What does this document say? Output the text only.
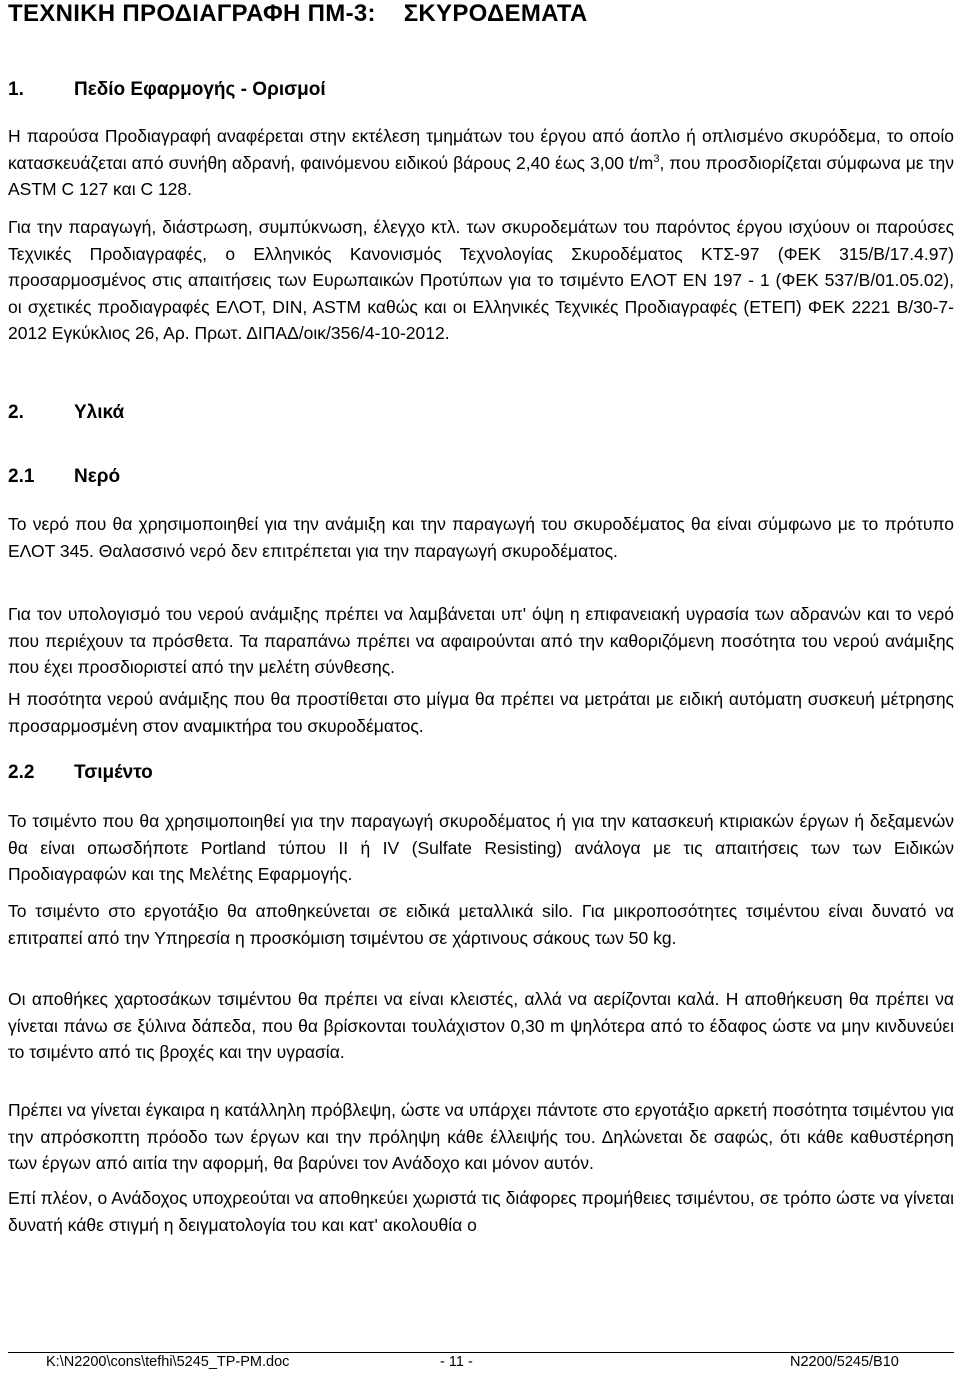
ΤΕΧΝΙΚΗ ΠΡΟΔΙΑΓΡΑΦΗ ΠΜ-3:    ΣΚΥΡΟΔΕΜΑΤΑ
1.	Πεδίο Εφαρμογής - Ορισμοί

Η παρούσα Προδιαγραφή αναφέρεται στην εκτέλεση τμημάτων του έργου από άοπλο ή οπλισμένο σκυρόδεμα, το οποίο κατασκευάζεται από συνήθη αδρανή, φαινόμενου ειδικού βάρους 2,40 έως 3,00 $t/m^3$, που προσδιορίζεται σύμφωνα με την ASTM C 127 και C 128.

Για την παραγωγή, διάστρωση, συμπύκνωση, έλεγχο κτλ. των σκυροδεμάτων του παρόντος έργου ισχύουν οι παρούσες Τεχνικές Προδιαγραφές, ο Ελληνικός Κανονισμός Τεχνολογίας Σκυροδέματος ΚΤΣ-97 (ΦΕΚ 315/Β/17.4.97) προσαρμοσμένος στις απαιτήσεις των Ευρωπαικών Προτύπων για το τσιμέντο ΕΛΟΤ ΕΝ 197 - 1 (ΦΕΚ 537/Β/01.05.02), οι σχετικές προδιαγραφές ΕΛΟΤ, DIN, ASTM καθώς και οι Ελληνικές Τεχνικές Προδιαγραφές (ΕΤΕΠ) ΦΕΚ 2221 Β/30-7-2012 Εγκύκλιος 26, Αρ. Πρωτ. ΔΙΠΑΔ/οικ/356/4-10-2012.

2.	Υλικά
2.1 Νερό

Το νερό που θα χρησιμοποιηθεί για την ανάμιξη και την παραγωγή του σκυροδέματος θα είναι σύμφωνο με το πρότυπο ΕΛΟΤ 345. Θαλασσινό νερό δεν επιτρέπεται για την παραγωγή σκυροδέματος.

Για τον υπολογισμό του νερού ανάμιξης πρέπει να λαμβάνεται υπ' όψη η επιφανειακή υγρασία των αδρανών και το νερό που περιέχουν τα πρόσθετα. Τα παραπάνω πρέπει να αφαιρούνται από την καθοριζόμενη ποσότητα του νερού ανάμιξης που έχει προσδιοριστεί από την μελέτη σύνθεσης.

Η ποσότητα νερού ανάμιξης που θα προστίθεται στο μίγμα θα πρέπει να μετράται με ειδική αυτόματη συσκευή μέτρησης προσαρμοσμένη στον αναμικτήρα του σκυροδέματος.

2.2 Τσιμέντο

Το τσιμέντο που θα χρησιμοποιηθεί για την παραγωγή σκυροδέματος ή για την κατασκευή κτιριακών έργων ή δεξαμενών θα είναι οπωσδήποτε Portland τύπου ΙΙ ή IV (Sulfate Resisting) ανάλογα με τις απαιτήσεις των των Ειδικών Προδιαγραφών και της Μελέτης Εφαρμογής.

Το τσιμέντο στο εργοτάξιο θα αποθηκεύνεται σε ειδικά μεταλλικά silo. Για μικροποσότητες τσιμέντου είναι δυνατό να επιτραπεί από την Υπηρεσία η προσκόμιση τσιμέντου σε χάρτινους σάκους των 50 kg.

Οι αποθήκες χαρτοσάκων τσιμέντου θα πρέπει να είναι κλειστές, αλλά να αερίζονται καλά. Η αποθήκευση θα πρέπει να γίνεται πάνω σε ξύλινα δάπεδα, που θα βρίσκονται τουλάχιστον 0,30 m ψηλότερα από το έδαφος ώστε να μην κινδυνεύει το τσιμέντο από τις βροχές και την υγρασία.

Πρέπει να γίνεται έγκαιρα η κατάλληλη πρόβλεψη, ώστε να υπάρχει πάντοτε στο εργοτάξιο αρκετή ποσότητα τσιμέντου για την απρόσκοπτη πρόοδο των έργων και την πρόληψη κάθε έλλειψής του. Δηλώνεται δε σαφώς, ότι κάθε καθυστέρηση των έργων από αιτία την αφορμή, θα βαρύνει τον Ανάδοχο και μόνον αυτόν.

Επί πλέον, ο Ανάδοχος υποχρεούται να αποθηκεύει χωριστά τις διάφορες προμήθειες τσιμέντου, σε τρόπο ώστε να γίνεται δυνατή κάθε στιγμή η δειγματολογία του και κατ' ακολουθία ο

K:\N2200\cons\tefhi\5245_TP-PM.doc	- 11 -	N2200/5245/B10
